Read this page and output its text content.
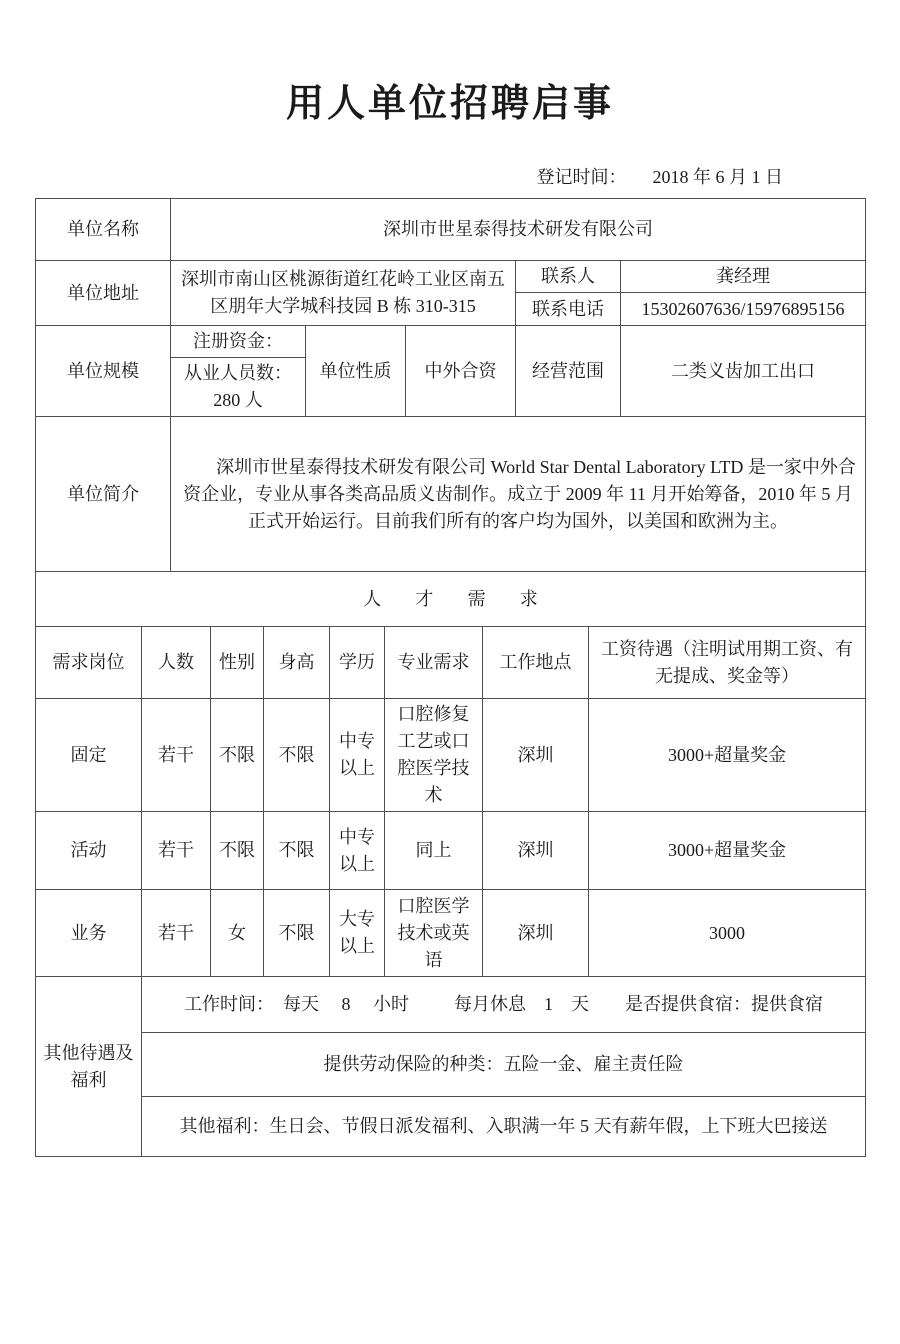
用人单位招聘启事
登记时间： 2018 年 6 月 1 日
单位名称		深圳市世星泰得技术研发有限公司										
单位地址		深圳市南山区桃源街道红花岭工业区南五区朋年大学城科技园 B 栋 310-315								联系人		龚经理
										联系电话		15302607636/15976895156
单位规模		注册资金：			单位性质			中外合资		经营范围		二类义齿加工出口
		从业人员数：280 人										
单位简介		深圳市世星泰得技术研发有限公司 World Star Dental Laboratory LTD 是一家中外合资企业，专业从事各类高品质义齿制作。成立于 2009 年 11 月开始筹备，2010 年 5 月正式开始运行。目前我们所有的客户均为国外，以美国和欧洲为主。										

人才需求												
需求岗位	人数		性别	身高		学历	专业需求		工作地点		工资待遇（注明试用期工资、有无提成、奖金等）	
固定	若干		不限	不限		中专以上	口腔修复工艺或口腔医学技术		深圳		3000+超量奖金	
活动	若干		不限	不限		中专以上	同上		深圳		3000+超量奖金	
业务	若干		女	不限		大专以上	口腔医学技术或英语		深圳		3000	
其他待遇及福利	工作时间：  每天     8     小时          每月休息    1    天        是否提供食宿：提供食宿											
	提供劳动保险的种类：五险一金、雇主责任险											
	其他福利：生日会、节假日派发福利、入职满一年 5 天有薪年假，上下班大巴接送											
